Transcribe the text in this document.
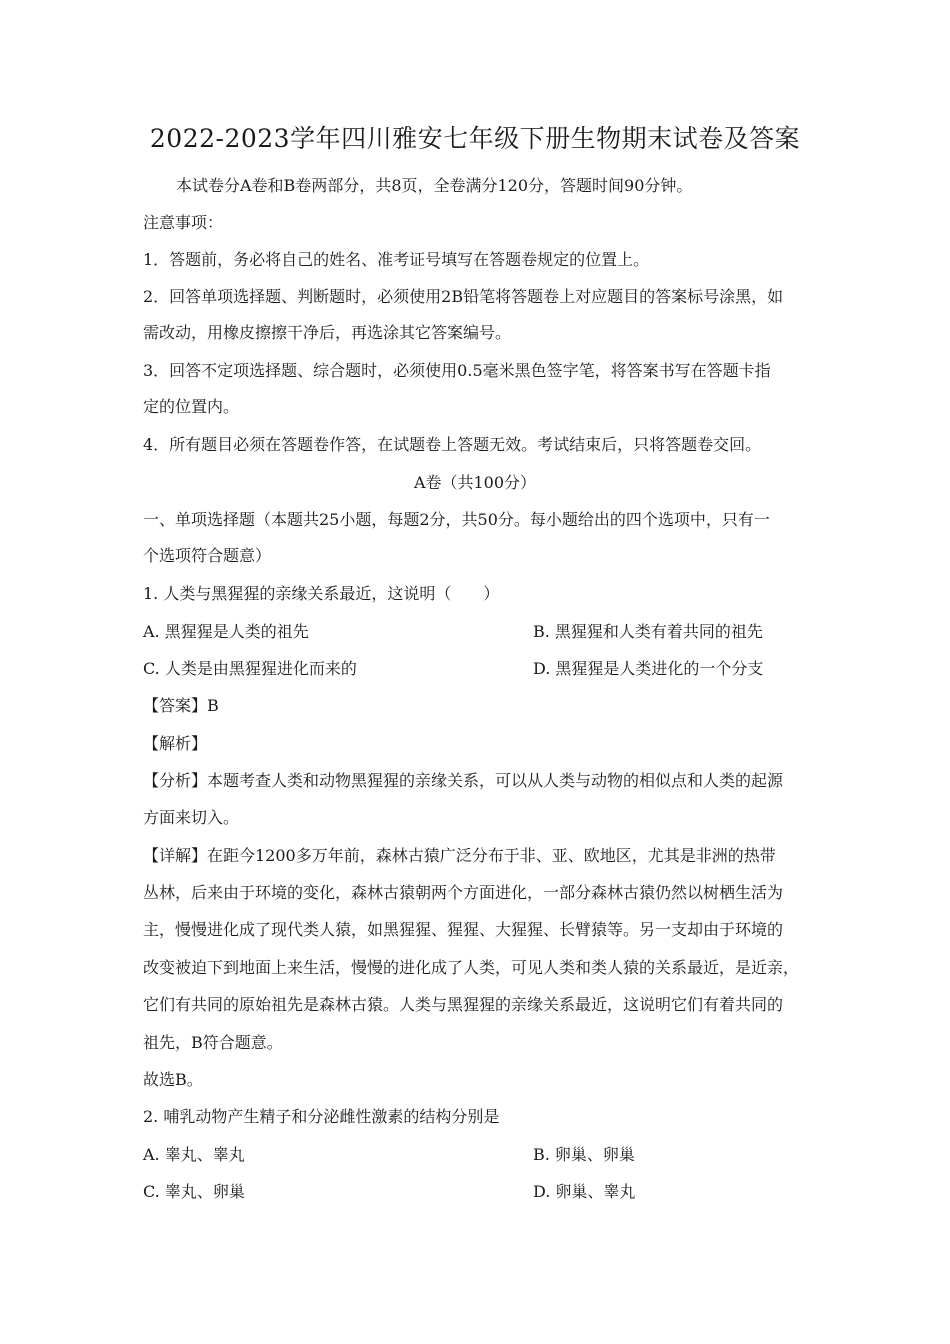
2022-2023学年四川雅安七年级下册生物期末试卷及答案
本试卷分A卷和B卷两部分，共8页，全卷满分120分，答题时间90分钟。
注意事项：
1．答题前，务必将自己的姓名、准考证号填写在答题卷规定的位置上。
2．回答单项选择题、判断题时，必须使用2B铅笔将答题卷上对应题目的答案标号涂黑，如
需改动，用橡皮擦擦干净后，再选涂其它答案编号。
3．回答不定项选择题、综合题时，必须使用0.5毫米黑色签字笔，将答案书写在答题卡指
定的位置内。
4．所有题目必须在答题卷作答，在试题卷上答题无效。考试结束后，只将答题卷交回。
A卷（共100分）
一、单项选择题（本题共25小题，每题2分，共50分。每小题给出的四个选项中，只有一
个选项符合题意）
1. 人类与黑猩猩的亲缘关系最近，这说明（　　）
A. 黑猩猩是人类的祖先	B. 黑猩猩和人类有着共同的祖先
C. 人类是由黑猩猩进化而来的	D. 黑猩猩是人类进化的一个分支
【答案】B
【解析】
【分析】本题考查人类和动物黑猩猩的亲缘关系，可以从人类与动物的相似点和人类的起源
方面来切入。
【详解】在距今1200多万年前，森林古猿广泛分布于非、亚、欧地区，尤其是非洲的热带
丛林，后来由于环境的变化，森林古猿朝两个方面进化，一部分森林古猿仍然以树栖生活为
主，慢慢进化成了现代类人猿，如黑猩猩、猩猩、大猩猩、长臂猿等。另一支却由于环境的
改变被迫下到地面上来生活，慢慢的进化成了人类，可见人类和类人猿的关系最近，是近亲，
它们有共同的原始祖先是森林古猿。人类与黑猩猩的亲缘关系最近，这说明它们有着共同的
祖先，B符合题意。
故选B。
2. 哺乳动物产生精子和分泌雌性激素的结构分别是
A. 睾丸、睾丸	B. 卵巢、卵巢
C. 睾丸、卵巢	D. 卵巢、睾丸
